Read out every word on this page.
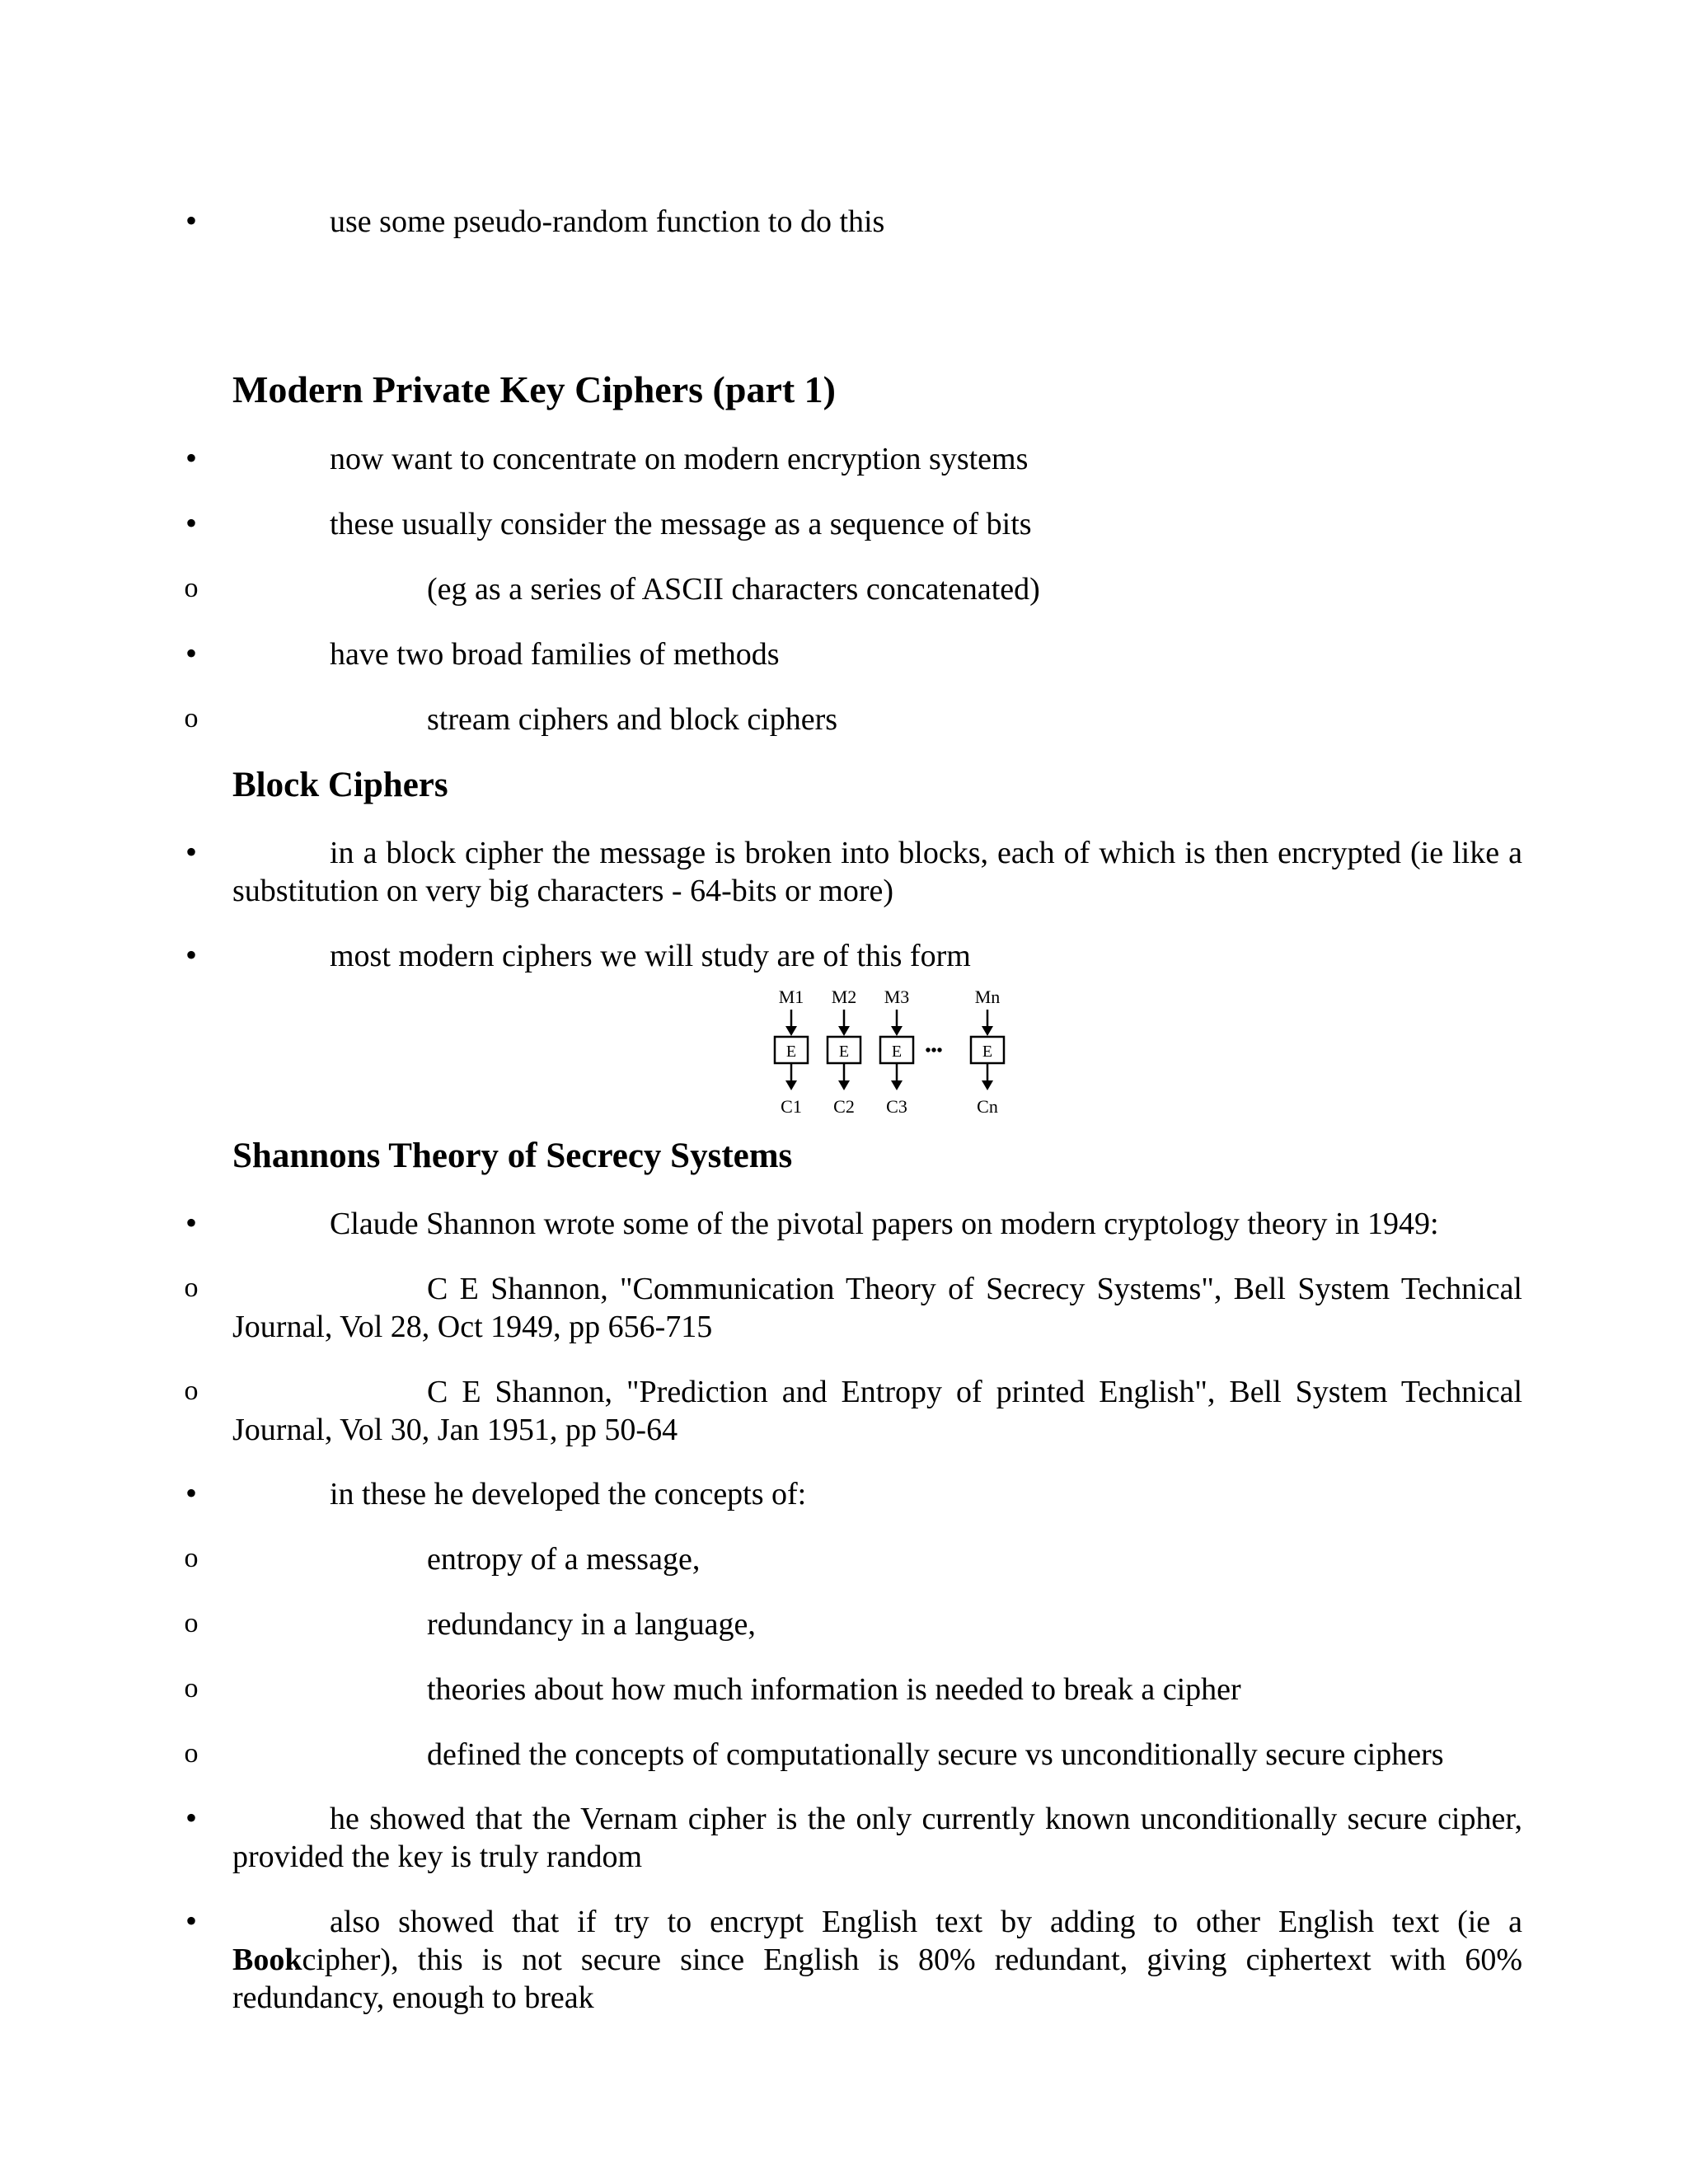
•	use some pseudo-random function to do this
Modern Private Key Ciphers (part 1)
•	now want to concentrate on modern encryption systems
•	these usually consider the message as a sequence of bits
o	(eg as a series of ASCII characters concatenated)
•	have two broad families of methods
o	stream ciphers and block ciphers
Block Ciphers
•	in a block cipher the message is broken into blocks, each of which is then encrypted (ie like a substitution on very big characters - 64-bits or more)
•	most modern ciphers we will study are of this form
M1
E
C1
M2
E
C2
M3
E
C3
Mn
E
Cn
•••
Shannons Theory of Secrecy Systems
•	Claude Shannon wrote some of the pivotal papers on modern cryptology theory in 1949:
o	C E Shannon, "Communication Theory of Secrecy Systems", Bell System Technical Journal, Vol 28, Oct 1949, pp 656-715
o	C E Shannon, "Prediction and Entropy of printed English", Bell System Technical Journal, Vol 30, Jan 1951, pp 50-64
•	in these he developed the concepts of:
o	entropy of a message,
o	redundancy in a language,
o	theories about how much information is needed to break a cipher
o	defined the concepts of computationally secure vs unconditionally secure ciphers
•	he showed that the Vernam cipher is the only currently known unconditionally secure cipher, provided the key is truly random
•	also showed that if try to encrypt English text by adding to other English text (ie a Bookcipher), this is not secure since English is 80% redundant, giving ciphertext with 60% redundancy, enough to break
